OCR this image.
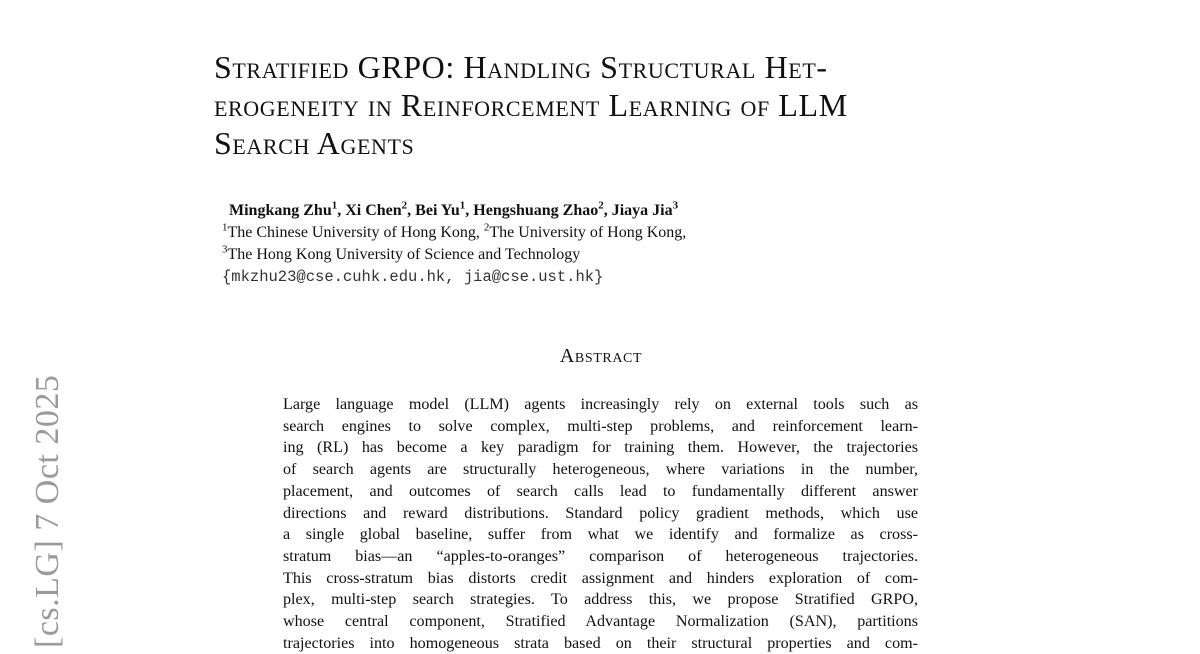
[cs.LG] 7 Oct 2025
Stratified GRPO: Handling Structural Het-
erogeneity in Reinforcement Learning of LLM
Search Agents
Mingkang Zhu$^1$, Xi Chen$^2$, Bei Yu$^1$, Hengshuang Zhao$^2$, Jiaya Jia$^3$
$^1$The Chinese University of Hong Kong, $^2$The University of Hong Kong,
$^3$The Hong Kong University of Science and Technology
{mkzhu23@cse.cuhk.edu.hk, jia@cse.ust.hk}
Abstract
Large language model (LLM) agents increasingly rely on external tools such as
search engines to solve complex, multi-step problems, and reinforcement learn-
ing (RL) has become a key paradigm for training them. However, the trajectories
of search agents are structurally heterogeneous, where variations in the number,
placement, and outcomes of search calls lead to fundamentally different answer
directions and reward distributions. Standard policy gradient methods, which use
a single global baseline, suffer from what we identify and formalize as cross-
stratum bias—an “apples-to-oranges” comparison of heterogeneous trajectories.
This cross-stratum bias distorts credit assignment and hinders exploration of com-
plex, multi-step search strategies. To address this, we propose Stratified GRPO,
whose central component, Stratified Advantage Normalization (SAN), partitions
trajectories into homogeneous strata based on their structural properties and com-
